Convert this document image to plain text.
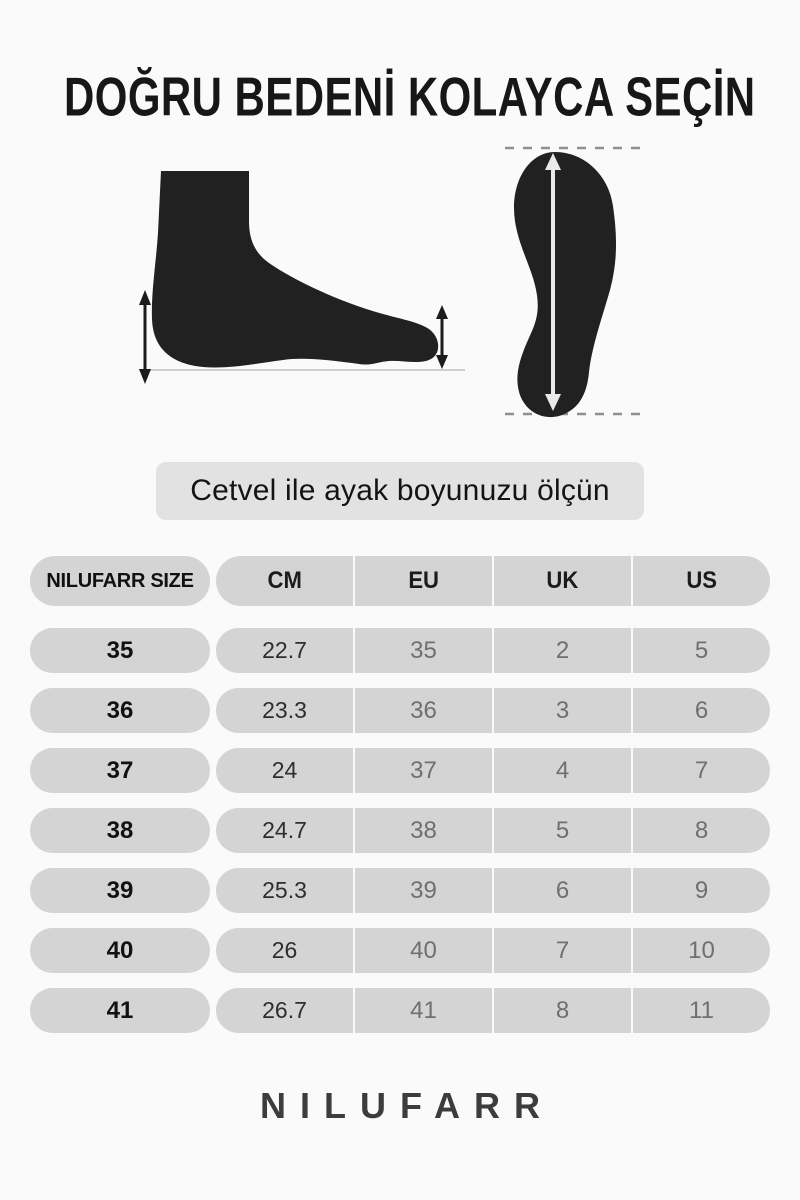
DOĞRU BEDENİ KOLAYCA SEÇİN
Cetvel ile ayak boyunuzu ölçün
NILUFARR SIZE	CM	EU	UK	US
35	22.7	35	2	5
36	23.3	36	3	6
37	24	37	4	7
38	24.7	38	5	8
39	25.3	39	6	9
40	26	40	7	10
41	26.7	41	8	11
NILUFARR
